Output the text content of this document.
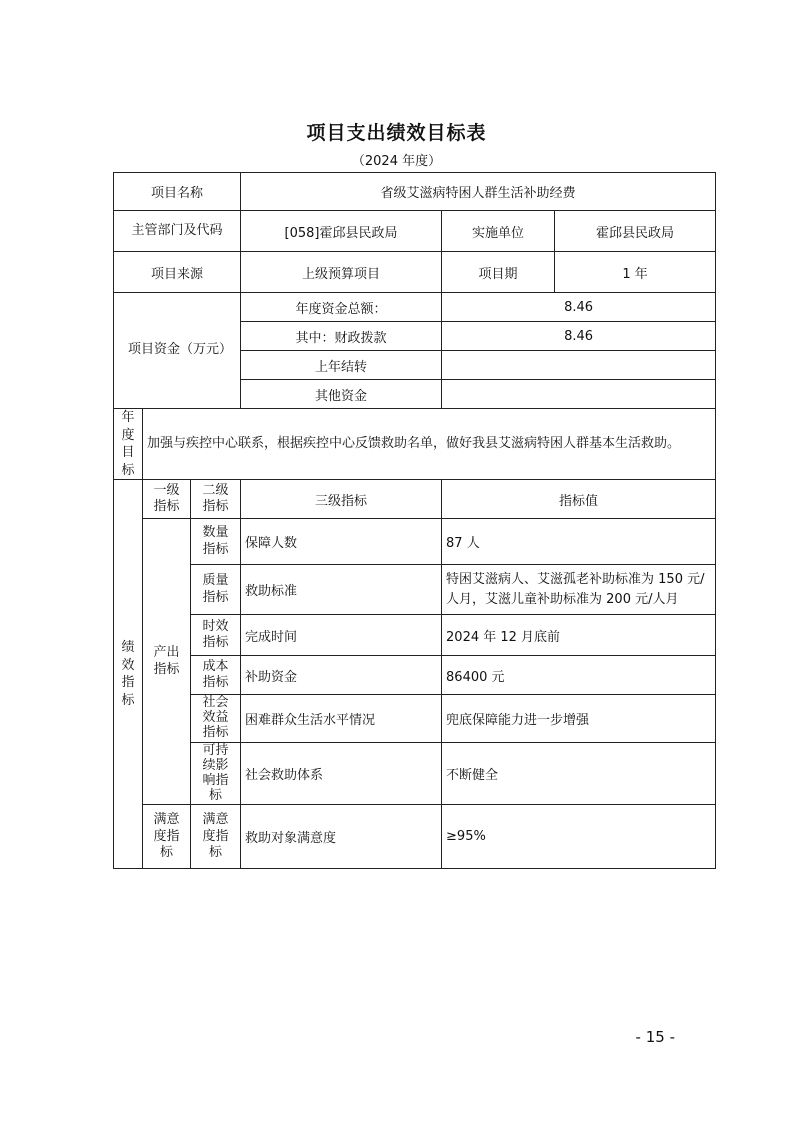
项目支出绩效目标表
（2024 年度）
项目名称			省级艾滋病特困人群生活补助经费		
主管部门及代码			[058]霍邱县民政局	实施单位	霍邱县民政局
项目来源			上级预算项目	项目期	1 年
项目资金（万元）			年度资金总额：	8.46	
			其中：财政拨款	8.46	
			上年结转		
			其他资金		
年度目标	加强与疾控中心联系，根据疾控中心反馈救助名单，做好我县艾滋病特困人群基本生活救助。				
绩效指标	一级指标	二级指标	三级指标	指标值	
	产出指标	数量指标	保障人数	87 人	
		质量指标	救助标准	特困艾滋病人、艾滋孤老补助标准为 150 元/人月，艾滋儿童补助标准为 200 元/人月	
		时效指标	完成时间	2024 年 12 月底前	
		成本指标	补助资金	86400 元	
		社会效益指标	困难群众生活水平情况	兜底保障能力进一步增强	
		可持续影响指标	社会救助体系	不断健全	
	满意度指标	满意度指标	救助对象满意度	≥95%	
- 15 -
